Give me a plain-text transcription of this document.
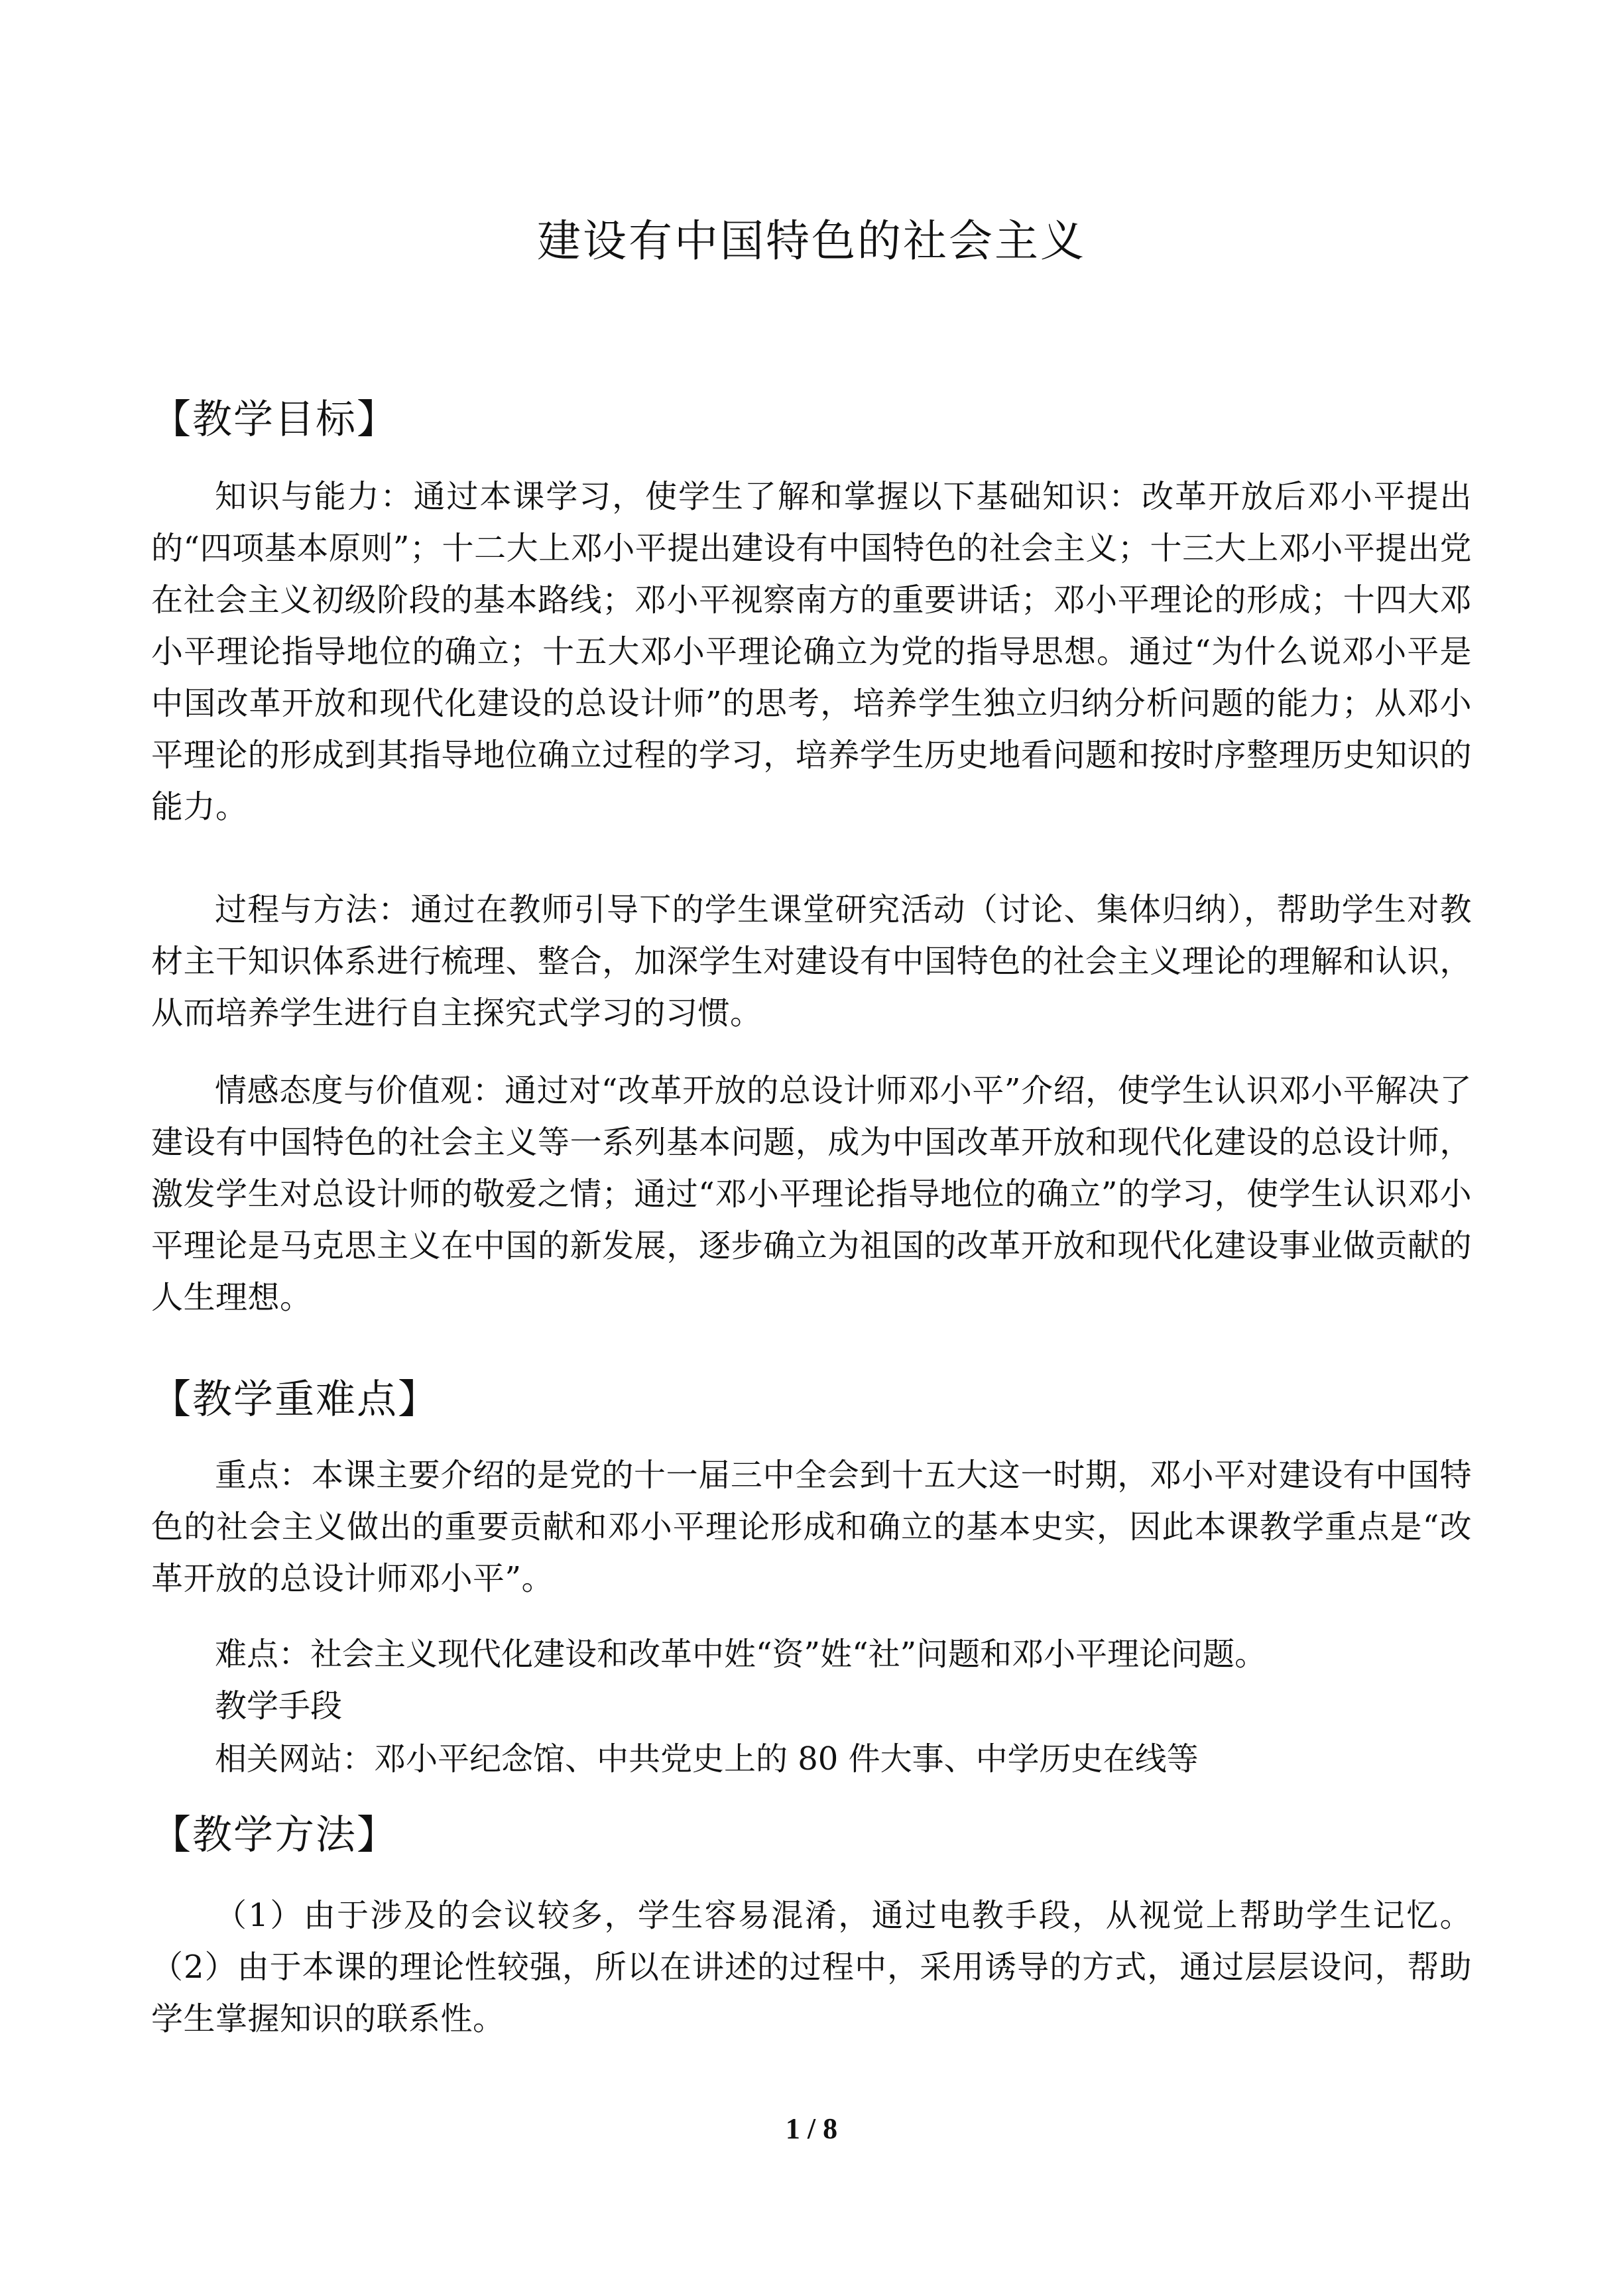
建设有中国特色的社会主义
【教学目标】
知识与能力：通过本课学习，使学生了解和掌握以下基础知识：改革开放后邓小平提出的“四项基本原则”；十二大上邓小平提出建设有中国特色的社会主义；十三大上邓小平提出党在社会主义初级阶段的基本路线；邓小平视察南方的重要讲话；邓小平理论的形成；十四大邓小平理论指导地位的确立；十五大邓小平理论确立为党的指导思想。通过“为什么说邓小平是中国改革开放和现代化建设的总设计师”的思考，培养学生独立归纳分析问题的能力；从邓小平理论的形成到其指导地位确立过程的学习，培养学生历史地看问题和按时序整理历史知识的能力。
过程与方法：通过在教师引导下的学生课堂研究活动（讨论、集体归纳），帮助学生对教材主干知识体系进行梳理、整合，加深学生对建设有中国特色的社会主义理论的理解和认识，从而培养学生进行自主探究式学习的习惯。
情感态度与价值观：通过对“改革开放的总设计师邓小平”介绍，使学生认识邓小平解决了建设有中国特色的社会主义等一系列基本问题，成为中国改革开放和现代化建设的总设计师，激发学生对总设计师的敬爱之情；通过“邓小平理论指导地位的确立”的学习，使学生认识邓小平理论是马克思主义在中国的新发展，逐步确立为祖国的改革开放和现代化建设事业做贡献的人生理想。
【教学重难点】
重点：本课主要介绍的是党的十一届三中全会到十五大这一时期，邓小平对建设有中国特色的社会主义做出的重要贡献和邓小平理论形成和确立的基本史实，因此本课教学重点是“改革开放的总设计师邓小平”。
难点：社会主义现代化建设和改革中姓“资”姓“社”问题和邓小平理论问题。
教学手段
相关网站：邓小平纪念馆、中共党史上的 80 件大事、中学历史在线等
【教学方法】
（1）由于涉及的会议较多，学生容易混淆，通过电教手段，从视觉上帮助学生记忆。（2）由于本课的理论性较强，所以在讲述的过程中，采用诱导的方式，通过层层设问，帮助学生掌握知识的联系性。
1 / 8
